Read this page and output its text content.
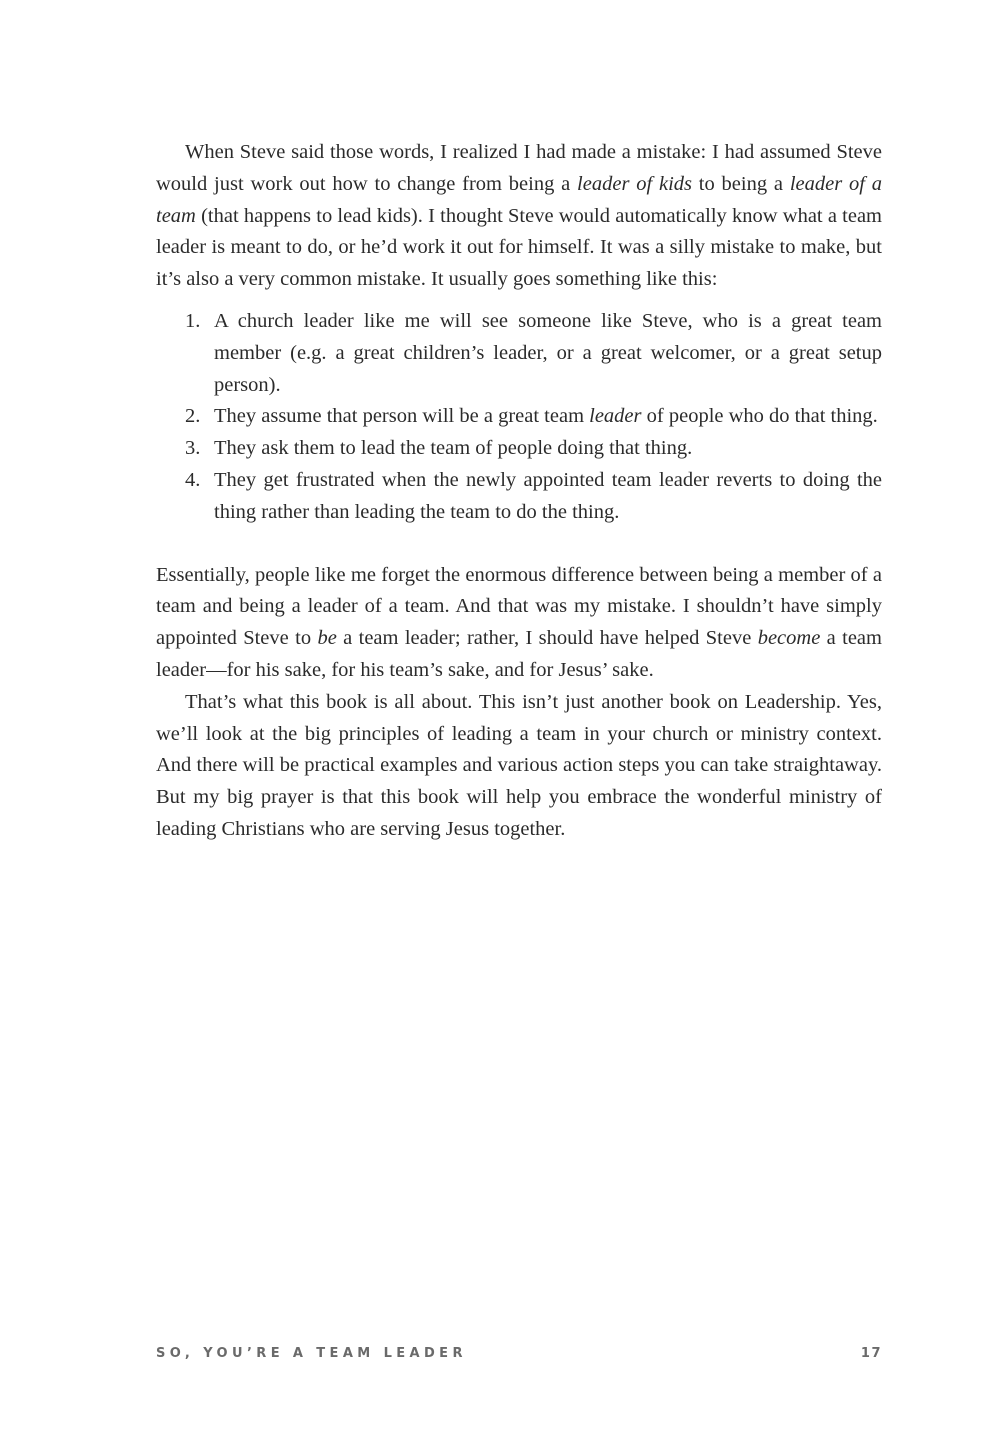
When Steve said those words, I realized I had made a mistake: I had assumed Steve would just work out how to change from being a leader of kids to being a leader of a team (that happens to lead kids). I thought Steve would automatically know what a team leader is meant to do, or he’d work it out for himself. It was a silly mistake to make, but it’s also a very common mistake. It usually goes something like this:

1. A church leader like me will see someone like Steve, who is a great team member (e.g. a great children’s leader, or a great welcomer, or a great setup person).
2. They assume that person will be a great team leader of people who do that thing.
3. They ask them to lead the team of people doing that thing.
4. They get frustrated when the newly appointed team leader reverts to doing the thing rather than leading the team to do the thing.

Essentially, people like me forget the enormous difference between being a member of a team and being a leader of a team. And that was my mistake. I shouldn’t have simply appointed Steve to be a team leader; rather, I should have helped Steve become a team leader—for his sake, for his team’s sake, and for Jesus’ sake.

That’s what this book is all about. This isn’t just another book on Leadership. Yes, we’ll look at the big principles of leading a team in your church or ministry context. And there will be practical examples and various action steps you can take straightaway. But my big prayer is that this book will help you embrace the wonderful ministry of leading Christians who are serving Jesus together.

SO, YOU’RE A TEAM LEADER	17
